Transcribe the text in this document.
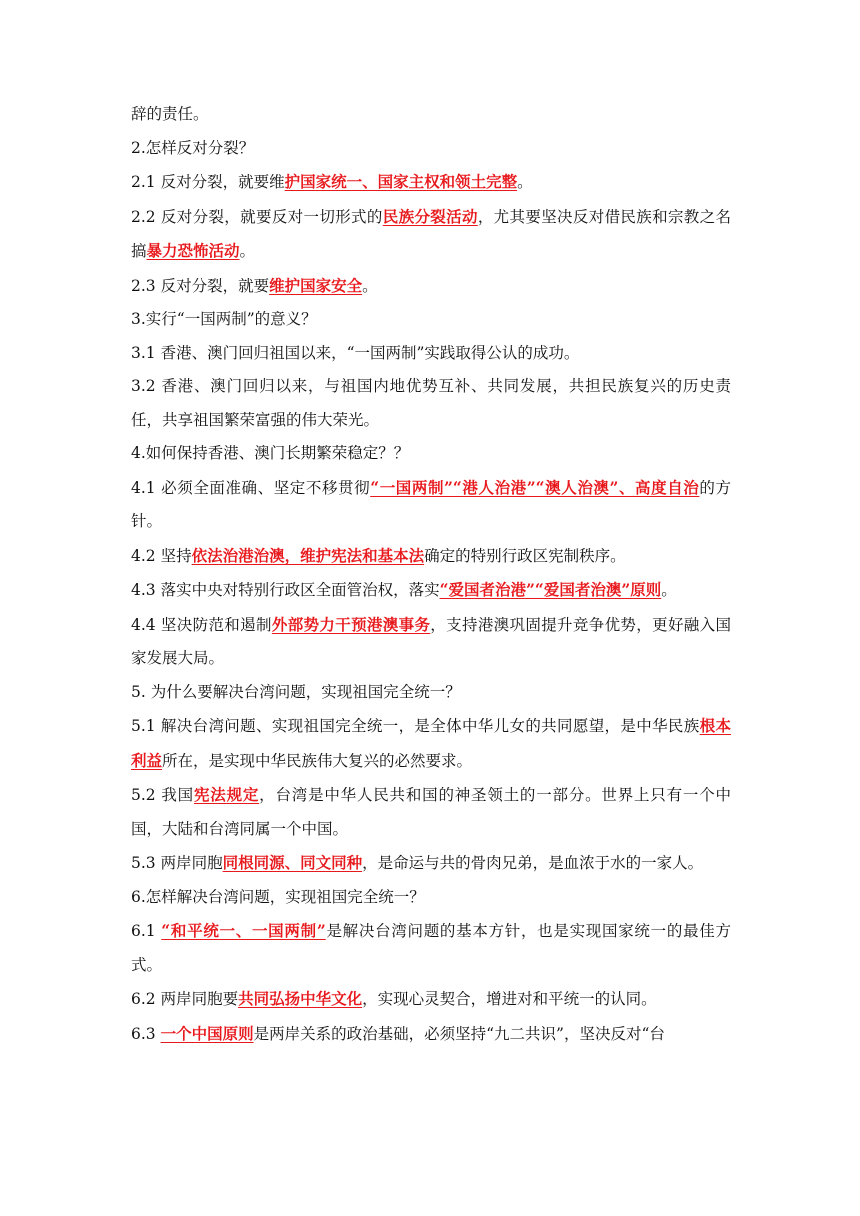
辞的责任。

2.怎样反对分裂？

2.1 反对分裂，就要维护国家统一、国家主权和领土完整。

2.2 反对分裂，就要反对一切形式的民族分裂活动，尤其要坚决反对借民族和宗教之名搞暴力恐怖活动。

2.3 反对分裂，就要维护国家安全。

3.实行“一国两制”的意义？

3.1 香港、澳门回归祖国以来，“一国两制”实践取得公认的成功。

3.2 香港、澳门回归以来，与祖国内地优势互补、共同发展，共担民族复兴的历史责任，共享祖国繁荣富强的伟大荣光。

4.如何保持香港、澳门长期繁荣稳定？？

4.1 必须全面准确、坚定不移贯彻“一国两制”“港人治港”“澳人治澳”、高度自治的方针。

4.2 坚持依法治港治澳，维护宪法和基本法确定的特别行政区宪制秩序。

4.3 落实中央对特别行政区全面管治权，落实“爱国者治港”“爱国者治澳”原则。

4.4 坚决防范和遏制外部势力干预港澳事务，支持港澳巩固提升竞争优势，更好融入国家发展大局。

5. 为什么要解决台湾问题，实现祖国完全统一？

5.1 解决台湾问题、实现祖国完全统一，是全体中华儿女的共同愿望，是中华民族根本利益所在，是实现中华民族伟大复兴的必然要求。

5.2 我国宪法规定，台湾是中华人民共和国的神圣领土的一部分。世界上只有一个中国，大陆和台湾同属一个中国。

5.3 两岸同胞同根同源、同文同种，是命运与共的骨肉兄弟，是血浓于水的一家人。

6.怎样解决台湾问题，实现祖国完全统一？

6.1 “和平统一、一国两制”是解决台湾问题的基本方针，也是实现国家统一的最佳方式。

6.2 两岸同胞要共同弘扬中华文化，实现心灵契合，增进对和平统一的认同。

6.3 一个中国原则是两岸关系的政治基础，必须坚持“九二共识”，坚决反对“台
